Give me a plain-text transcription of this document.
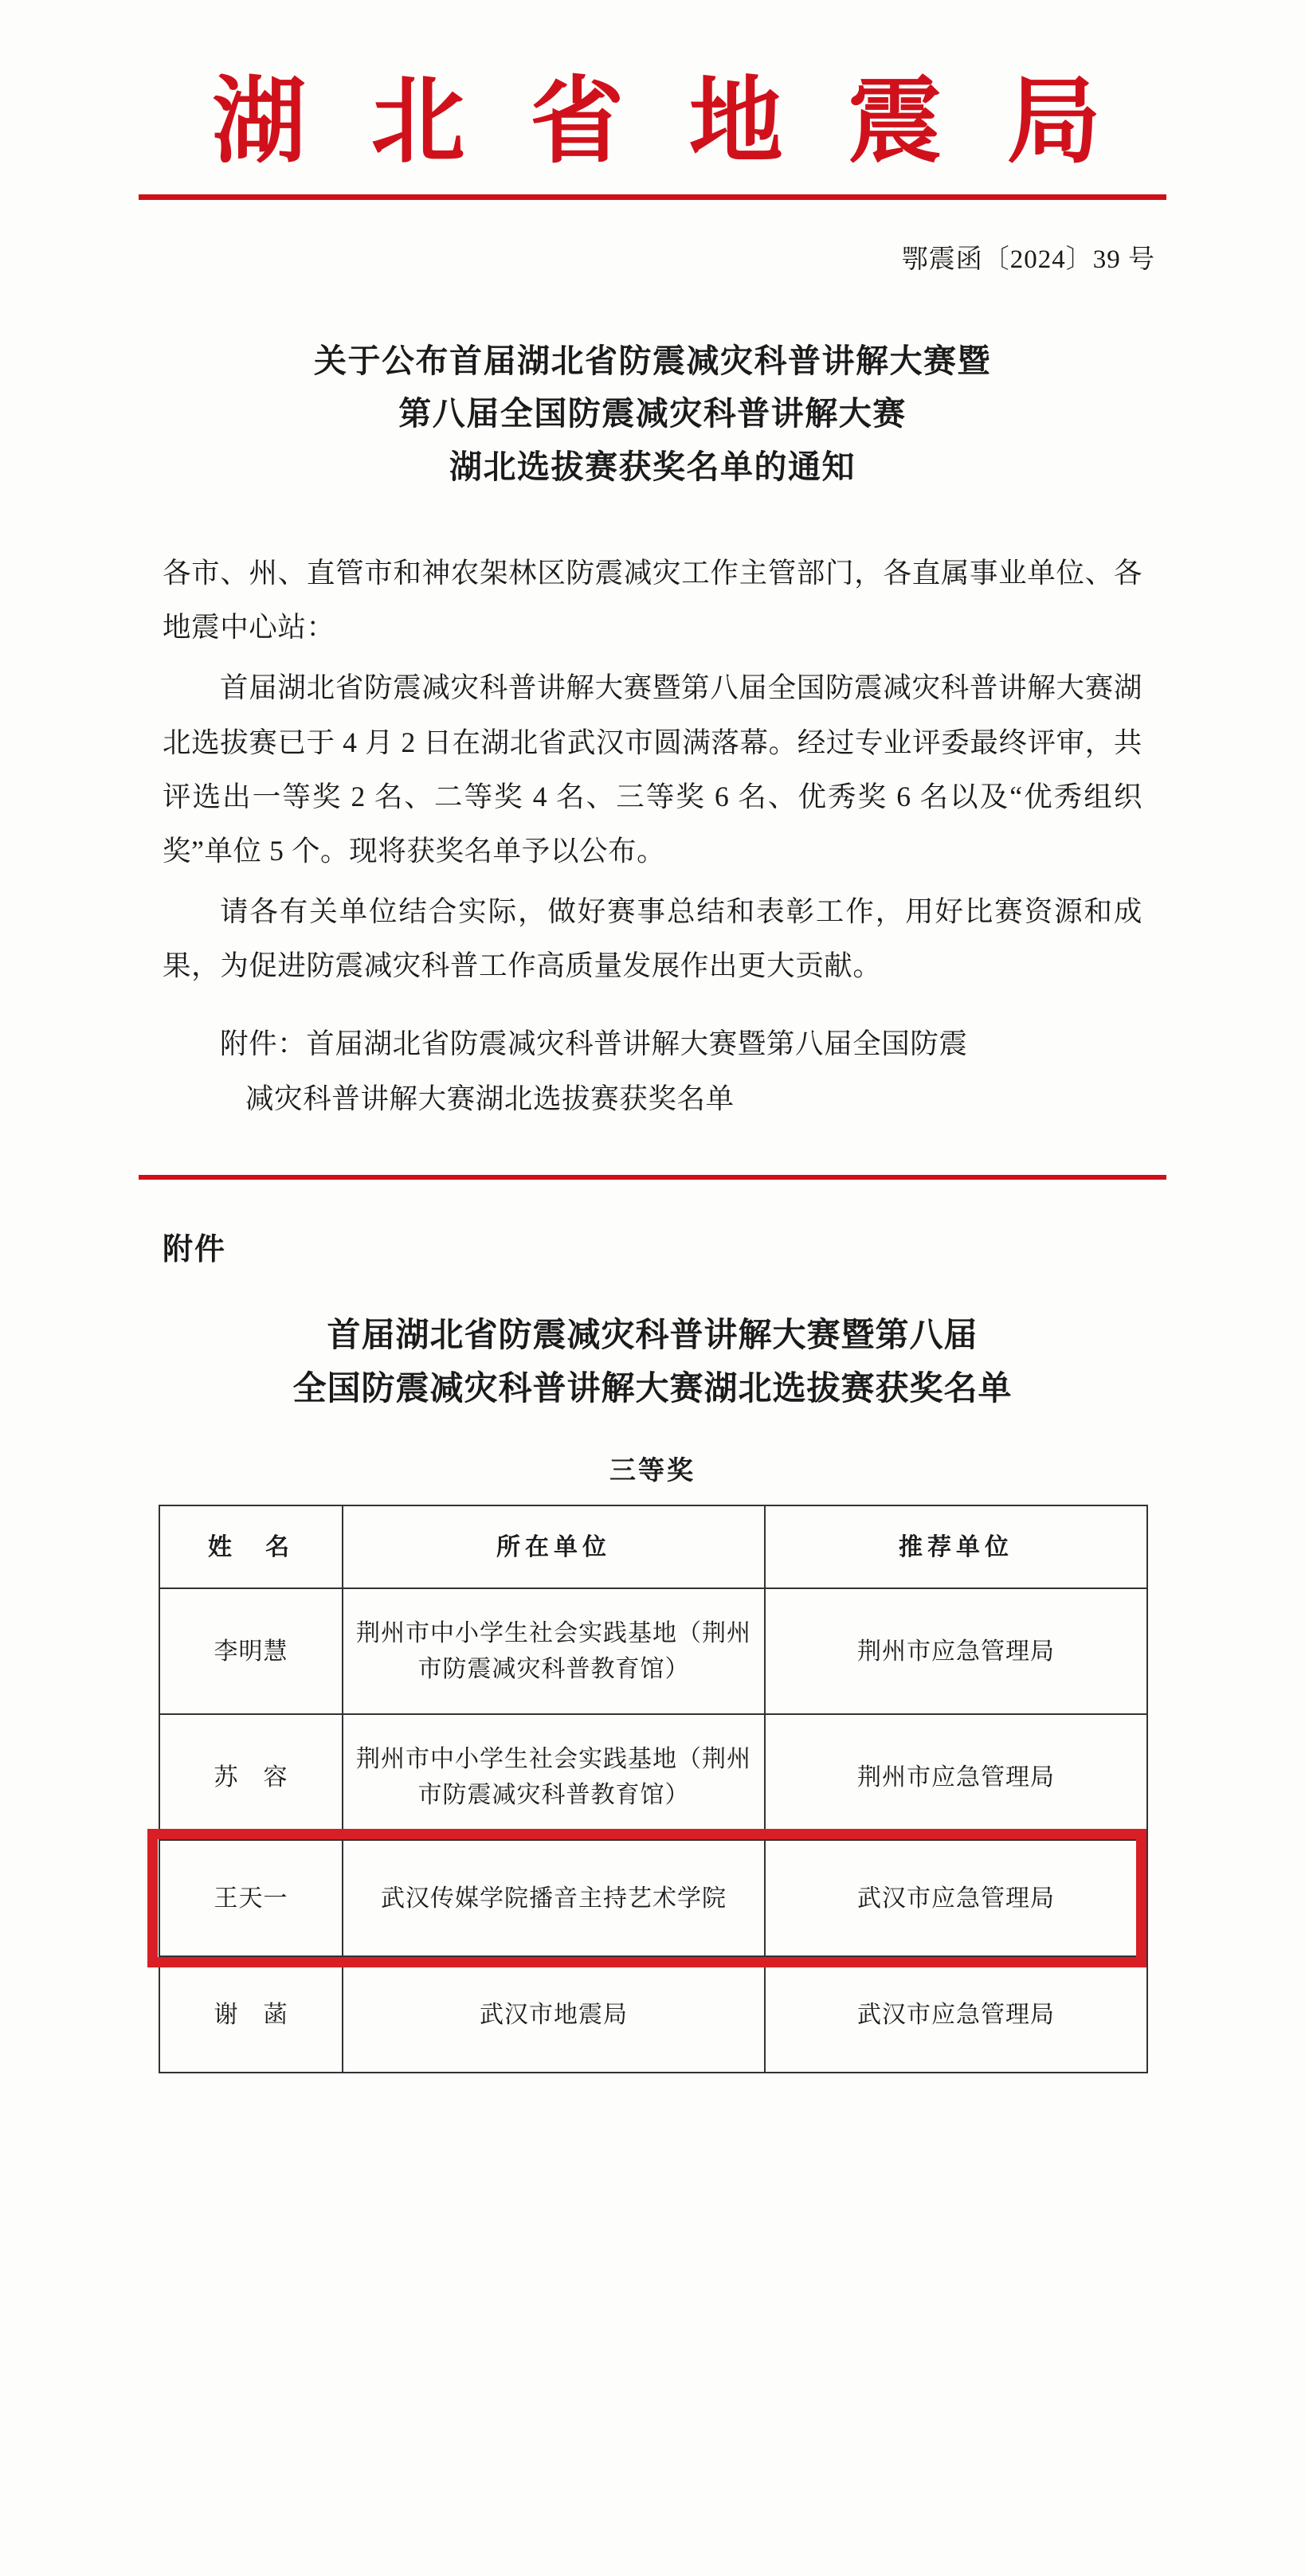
湖 北 省 地 震 局
鄂震函〔2024〕39 号
关于公布首届湖北省防震减灾科普讲解大赛暨
第八届全国防震减灾科普讲解大赛
湖北选拔赛获奖名单的通知

各市、州、直管市和神农架林区防震减灾工作主管部门，各直属事业单位、各地震中心站：

首届湖北省防震减灾科普讲解大赛暨第八届全国防震减灾科普讲解大赛湖北选拔赛已于 4 月 2 日在湖北省武汉市圆满落幕。经过专业评委最终评审，共评选出一等奖 2 名、二等奖 4 名、三等奖 6 名、优秀奖 6 名以及“优秀组织奖”单位 5 个。现将获奖名单予以公布。

请各有关单位结合实际，做好赛事总结和表彰工作，用好比赛资源和成果，为促进防震减灾科普工作高质量发展作出更大贡献。

附件：首届湖北省防震减灾科普讲解大赛暨第八届全国防震
减灾科普讲解大赛湖北选拔赛获奖名单
附件
首届湖北省防震减灾科普讲解大赛暨第八届
全国防震减灾科普讲解大赛湖北选拔赛获奖名单
三等奖
姓　名	所在单位	推荐单位
李明慧	荆州市中小学生社会实践基地（荆州市防震减灾科普教育馆）	荆州市应急管理局
苏　容	荆州市中小学生社会实践基地（荆州市防震减灾科普教育馆）	荆州市应急管理局
王天一	武汉传媒学院播音主持艺术学院	武汉市应急管理局
谢　菡	武汉市地震局	武汉市应急管理局
